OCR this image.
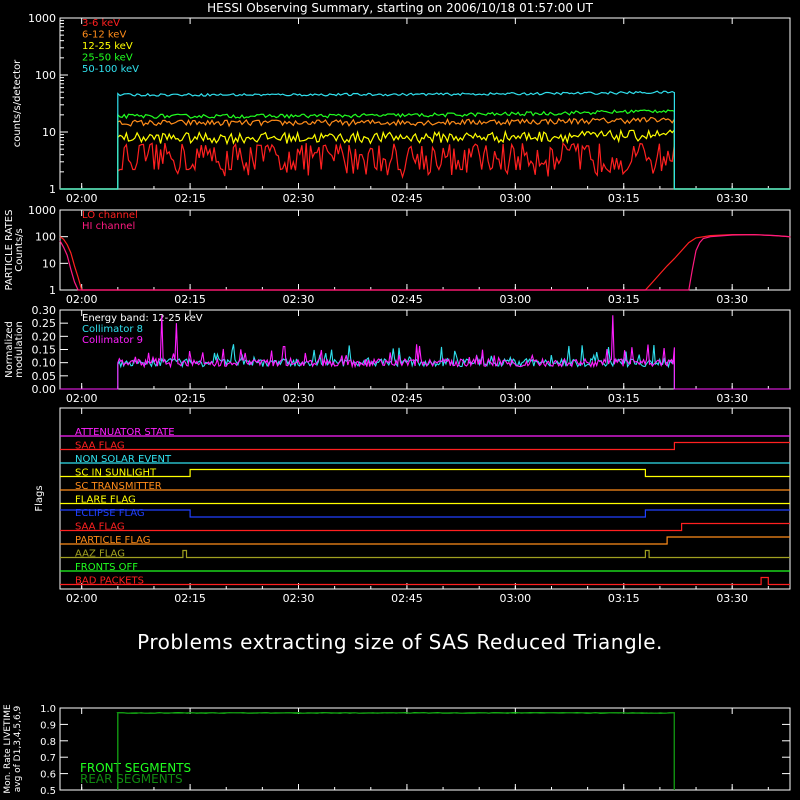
HESSI Observing Summary, starting on 2006/10/18 01:57:00 UT
02:00	02:15	02:30	02:45	03:00	03:15	03:30
1
10
100
1000
counts/s/detector
3-6 keV
6-12 keV
12-25 keV
25-50 keV
50-100 keV
02:00	02:15	02:30	02:45	03:00	03:15	03:30
1
10
100
1000
PARTICLE RATES Counts/s
LO channel
HI channel
02:00	02:15	02:30	02:45	03:00	03:15	03:30
0.00
0.05
0.10
0.15
0.20
0.25
0.30
Normalized modulation
Energy band: 12-25 keV
Collimator 8
Collimator 9
02:00	02:15	02:30	02:45	03:00	03:15	03:30
Flags
ATTENUATOR STATE
SAA FLAG
NON SOLAR EVENT
SC IN SUNLIGHT
SC TRANSMITTER
FLARE FLAG
ECLIPSE FLAG
SAA FLAG
PARTICLE FLAG
AAZ FLAG
FRONTS OFF
BAD PACKETS
0.5
0.6
0.7
0.8
0.9
1.0
Mon. Rate LIVETIME avg of D1,3,4,5,6,9	FRONT SEGMENTS
REAR SEGMENTS
Problems extracting size of SAS Reduced Triangle.
